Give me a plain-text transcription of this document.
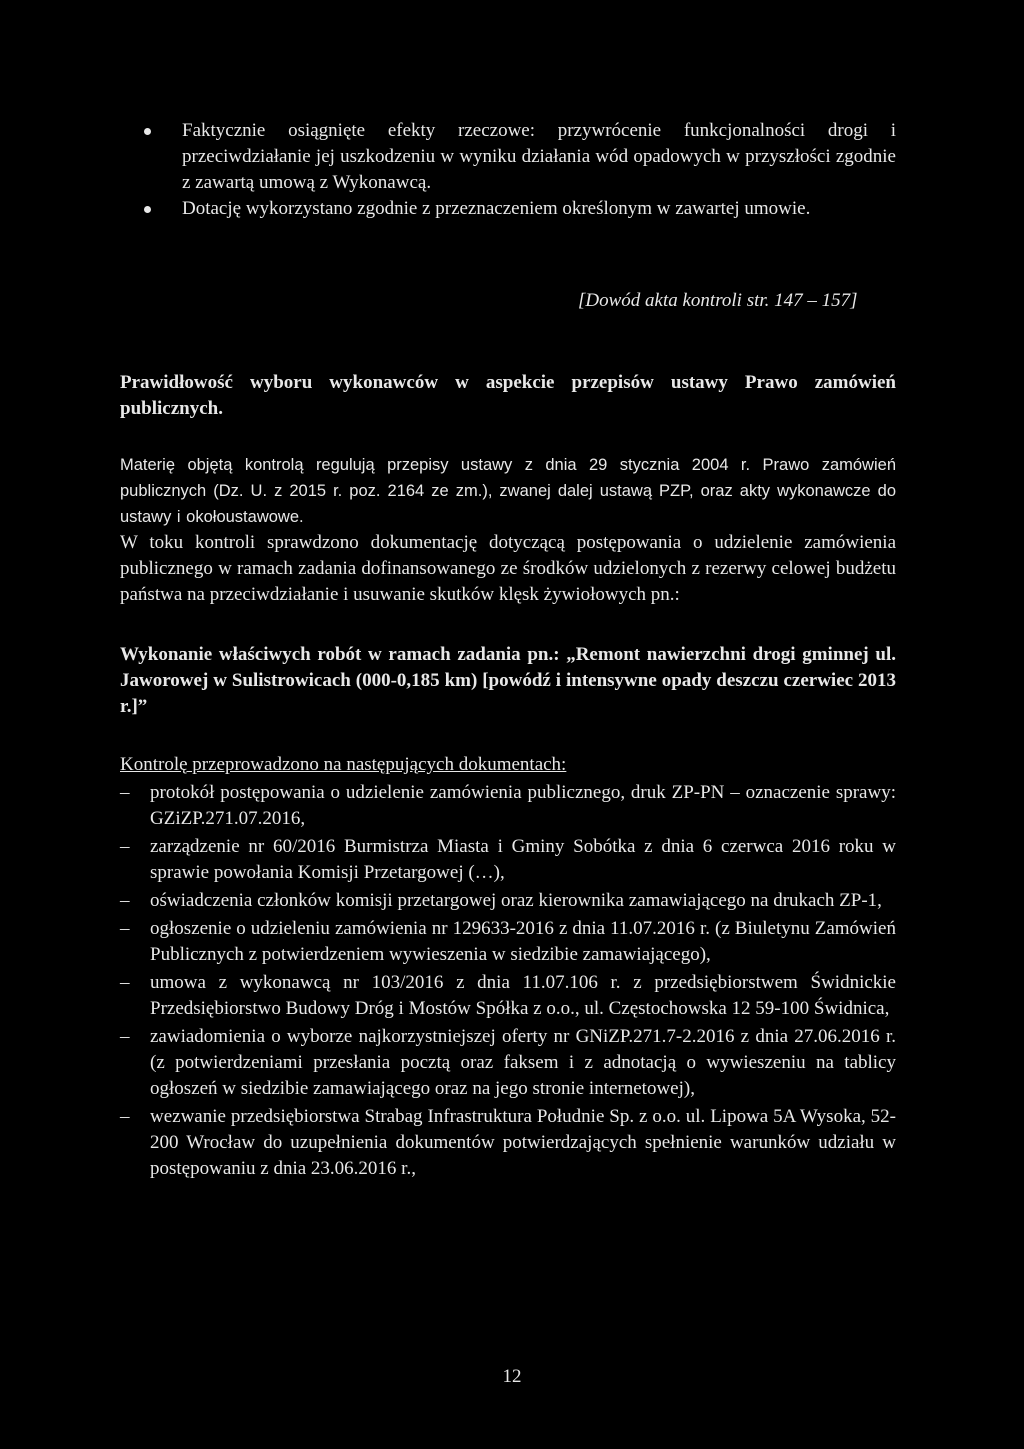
Faktycznie osiągnięte efekty rzeczowe: przywrócenie funkcjonalności drogi i przeciwdziałanie jej uszkodzeniu w wyniku działania wód opadowych w przyszłości zgodnie z zawartą umową z Wykonawcą.
Dotację wykorzystano zgodnie z przeznaczeniem określonym w zawartej umowie.
[Dowód akta kontroli str. 147 – 157]

Prawidłowość wyboru wykonawców w aspekcie przepisów ustawy Prawo zamówień publicznych.

Materię objętą kontrolą regulują przepisy ustawy z dnia 29 stycznia 2004 r. Prawo zamówień publicznych (Dz. U. z 2015 r. poz. 2164 ze zm.), zwanej dalej ustawą PZP, oraz akty wykonawcze do ustawy i okołoustawowe.

W toku kontroli sprawdzono dokumentację dotyczącą postępowania o udzielenie zamówienia publicznego w ramach zadania dofinansowanego ze środków udzielonych z rezerwy celowej budżetu państwa na przeciwdziałanie i usuwanie skutków klęsk żywiołowych pn.:

Wykonanie właściwych robót w ramach zadania pn.: „Remont nawierzchni drogi gminnej ul. Jaworowej w Sulistrowicach (000-0,185 km) [powódź i intensywne opady deszczu czerwiec 2013 r.]”

Kontrolę przeprowadzono na następujących dokumentach:

– protokół postępowania o udzielenie zamówienia publicznego, druk ZP-PN – oznaczenie sprawy: GZiZP.271.07.2016,
– zarządzenie nr 60/2016 Burmistrza Miasta i Gminy Sobótka z dnia 6 czerwca 2016 roku w sprawie powołania Komisji Przetargowej (…),
– oświadczenia członków komisji przetargowej oraz kierownika zamawiającego na drukach ZP-1,
– ogłoszenie o udzieleniu zamówienia nr 129633-2016 z dnia 11.07.2016 r. (z Biuletynu Zamówień Publicznych z potwierdzeniem wywieszenia w siedzibie zamawiającego),
– umowa z wykonawcą nr 103/2016 z dnia 11.07.106 r. z przedsiębiorstwem Świdnickie Przedsiębiorstwo Budowy Dróg i Mostów Spółka z o.o., ul. Częstochowska 12 59-100 Świdnica,
– zawiadomienia o wyborze najkorzystniejszej oferty nr GNiZP.271.7-2.2016 z dnia 27.06.2016 r. (z potwierdzeniami przesłania pocztą oraz faksem i z adnotacją o wywieszeniu na tablicy ogłoszeń w siedzibie zamawiającego oraz na jego stronie internetowej),
– wezwanie przedsiębiorstwa Strabag Infrastruktura Południe Sp. z o.o. ul. Lipowa 5A Wysoka, 52-200 Wrocław do uzupełnienia dokumentów potwierdzających spełnienie warunków udziału w postępowaniu z dnia 23.06.2016 r.,
12
